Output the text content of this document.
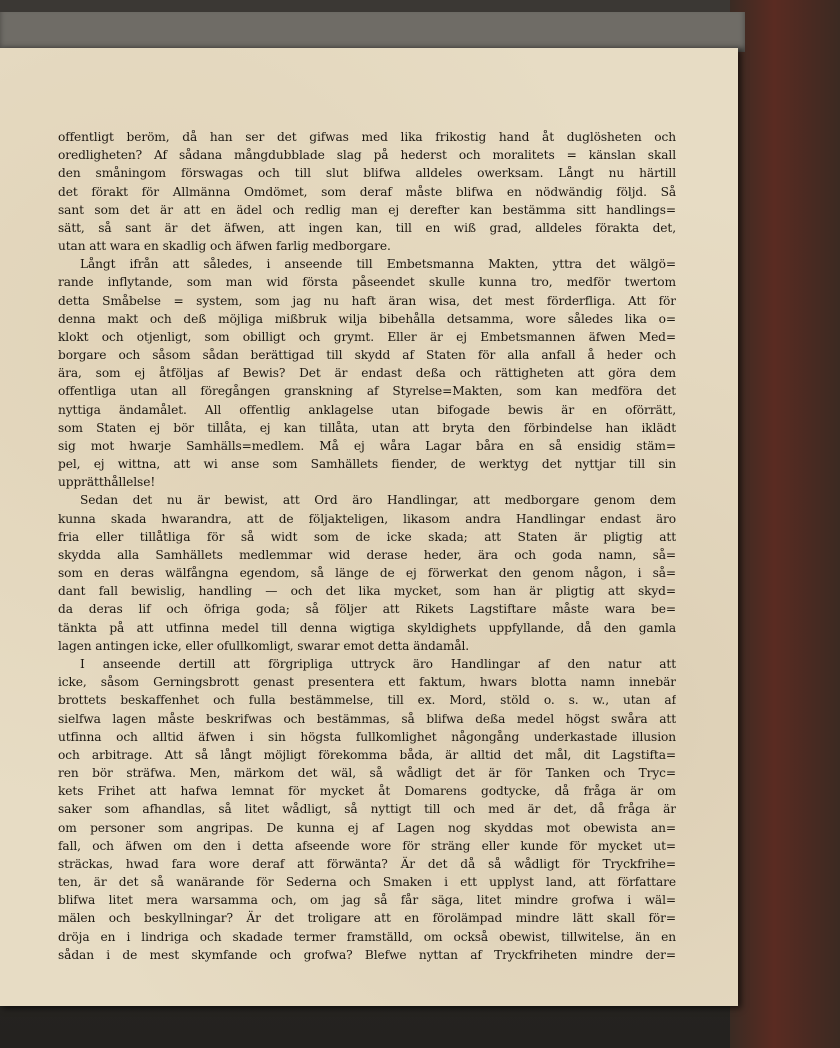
offentligt beröm, då han ser det gifwas med lika frikostig hand åt duglösheten och
oredligheten? Af sådana mångdubblade slag på hederst och moralitets = känslan skall
den småningom förswagas och till slut blifwa alldeles owerksam. Långt nu härtill
det förakt för Allmänna Omdömet, som deraf måste blifwa en nödwändig följd. Så
sant som det är att en ädel och redlig man ej derefter kan bestämma sitt handlings=
sätt, så sant är det äfwen, att ingen kan, till en wiß grad, alldeles förakta det,
utan att wara en skadlig och äfwen farlig medborgare.
Långt ifrån att således, i anseende till Embetsmanna Makten, yttra det wälgö=
rande inflytande, som man wid första påseendet skulle kunna tro, medför twertom
detta Småbelse = system, som jag nu haft äran wisa, det mest förderfliga. Att för
denna makt och deß möjliga mißbruk wilja bibehålla detsamma, wore således lika o=
klokt och otjenligt, som obilligt och grymt. Eller är ej Embetsmannen äfwen Med=
borgare och såsom sådan berättigad till skydd af Staten för alla anfall å heder och
ära, som ej åtföljas af Bewis? Det är endast deßa och rättigheten att göra dem
offentliga utan all föregången granskning af Styrelse=Makten, som kan medföra det
nyttiga ändamålet. All offentlig anklagelse utan bifogade bewis är en oförrätt,
som Staten ej bör tillåta, ej kan tillåta, utan att bryta den förbindelse han iklädt
sig mot hwarje Samhälls=medlem. Må ej wåra Lagar båra en så ensidig stäm=
pel, ej wittna, att wi anse som Samhällets fiender, de werktyg det nyttjar till sin
upprätthållelse!
Sedan det nu är bewist, att Ord äro Handlingar, att medborgare genom dem
kunna skada hwarandra, att de följakteligen, likasom andra Handlingar endast äro
fria eller tillåtliga för så widt som de icke skada; att Staten är pligtig att
skydda alla Samhällets medlemmar wid derase heder, ära och goda namn, så=
som en deras wälfångna egendom, så länge de ej förwerkat den genom någon, i så=
dant fall bewislig, handling — och det lika mycket, som han är pligtig att skyd=
da deras lif och öfriga goda; så följer att Rikets Lagstiftare måste wara be=
tänkta på att utfinna medel till denna wigtiga skyldighets uppfyllande, då den gamla
lagen antingen icke, eller ofullkomligt, swarar emot detta ändamål.
I anseende dertill att förgripliga uttryck äro Handlingar af den natur att
icke, såsom Gerningsbrott genast presentera ett faktum, hwars blotta namn innebär
brottets beskaffenhet och fulla bestämmelse, till ex. Mord, stöld o. s. w., utan af
sielfwa lagen måste beskrifwas och bestämmas, så blifwa deßa medel högst swåra att
utfinna och alltid äfwen i sin högsta fullkomlighet någongång underkastade illusion
och arbitrage. Att så långt möjligt förekomma båda, är alltid det mål, dit Lagstifta=
ren bör sträfwa. Men, märkom det wäl, så wådligt det är för Tanken och Tryc=
kets Frihet att hafwa lemnat för mycket åt Domarens godtycke, då fråga är om
saker som afhandlas, så litet wådligt, så nyttigt till och med är det, då fråga är
om personer som angripas. De kunna ej af Lagen nog skyddas mot obewista an=
fall, och äfwen om den i detta afseende wore för sträng eller kunde för mycket ut=
sträckas, hwad fara wore deraf att förwänta? Är det då så wådligt för Tryckfrihe=
ten, är det så wanärande för Sederna och Smaken i ett upplyst land, att författare
blifwa litet mera warsamma och, om jag så får säga, litet mindre grofwa i wäl=
mälen och beskyllningar? Är det troligare att en förolämpad mindre lätt skall för=
dröja en i lindriga och skadade termer framställd, om också obewist, tillwitelse, än en
sådan i de mest skymfande och grofwa? Blefwe nyttan af Tryckfriheten mindre der=
